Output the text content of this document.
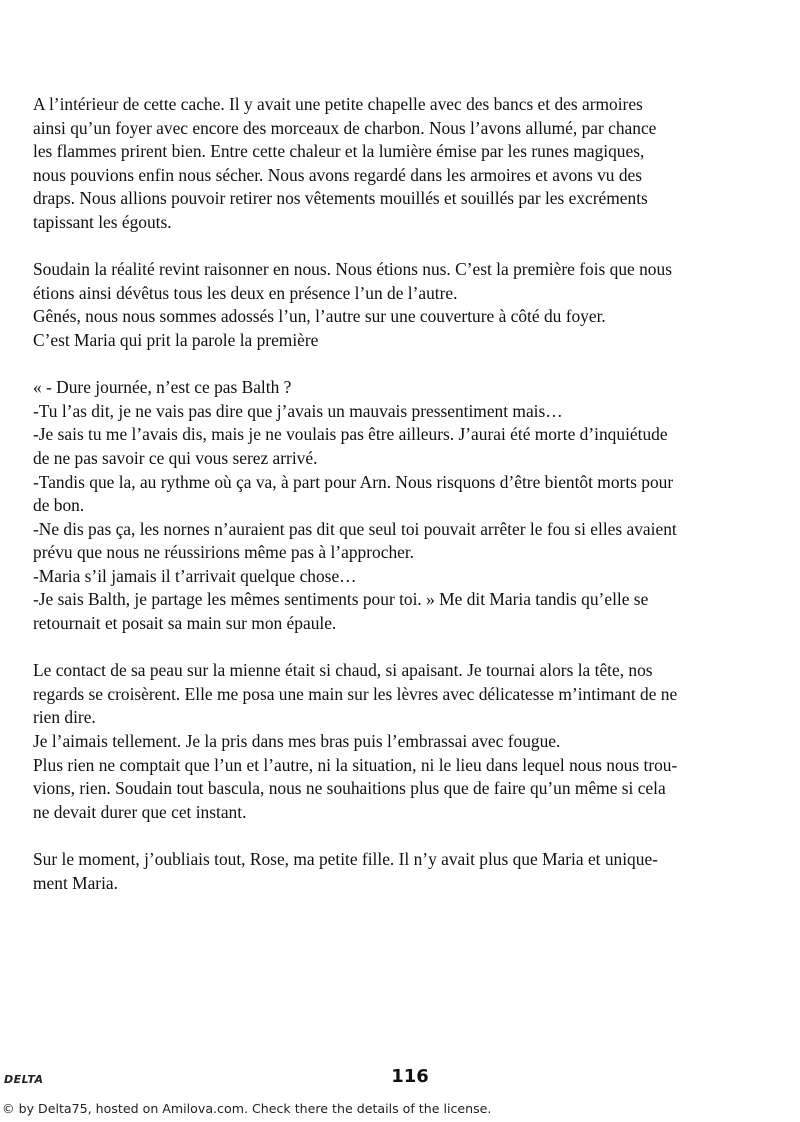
A l’intérieur de cette cache. Il y avait une petite chapelle avec des bancs et des armoires
ainsi qu’un foyer avec encore des morceaux de charbon. Nous l’avons allumé, par chance
les flammes prirent bien. Entre cette chaleur et la lumière émise par les runes magiques,
nous pouvions enfin nous sécher. Nous avons regardé dans les armoires et avons vu des
draps. Nous allions pouvoir retirer nos vêtements mouillés et souillés par les excréments
tapissant les égouts.
Soudain la réalité revint raisonner en nous. Nous étions nus. C’est la première fois que nous
étions ainsi dévêtus tous les deux en présence l’un de l’autre.
Gênés, nous nous sommes adossés l’un, l’autre sur une couverture à côté du foyer.
C’est Maria qui prit la parole la première
« - Dure journée, n’est ce pas Balth ?
-Tu l’as dit, je ne vais pas dire que j’avais un mauvais pressentiment mais…
-Je sais tu me l’avais dis, mais je ne voulais pas être ailleurs. J’aurai été morte d’inquiétude
de ne pas savoir ce qui vous serez arrivé.
-Tandis que la, au rythme où ça va, à part pour Arn. Nous risquons d’être bientôt morts pour
de bon.
-Ne dis pas ça, les nornes n’auraient pas dit que seul toi pouvait arrêter le fou si elles avaient
prévu que nous ne réussirions même pas à l’approcher.
-Maria s’il jamais il t’arrivait quelque chose…
-Je sais Balth, je partage les mêmes sentiments pour toi. » Me dit Maria tandis qu’elle se
retournait et posait sa main sur mon épaule.
Le contact de sa peau sur la mienne était si chaud, si apaisant. Je tournai alors la tête, nos
regards se croisèrent. Elle me posa une main sur les lèvres avec délicatesse m’intimant de ne
rien dire.
Je l’aimais tellement. Je la pris dans mes bras puis l’embrassai avec fougue.
Plus rien ne comptait que l’un et l’autre, ni la situation, ni le lieu dans lequel nous nous trou-
vions, rien. Soudain tout bascula, nous ne souhaitions plus que de faire qu’un même si cela
ne devait durer que cet instant.
Sur le moment, j’oubliais tout, Rose, ma petite fille. Il n’y avait plus que Maria et unique-
ment Maria.
DELTA	116
© by Delta75, hosted on Amilova.com. Check there the details of the license.
